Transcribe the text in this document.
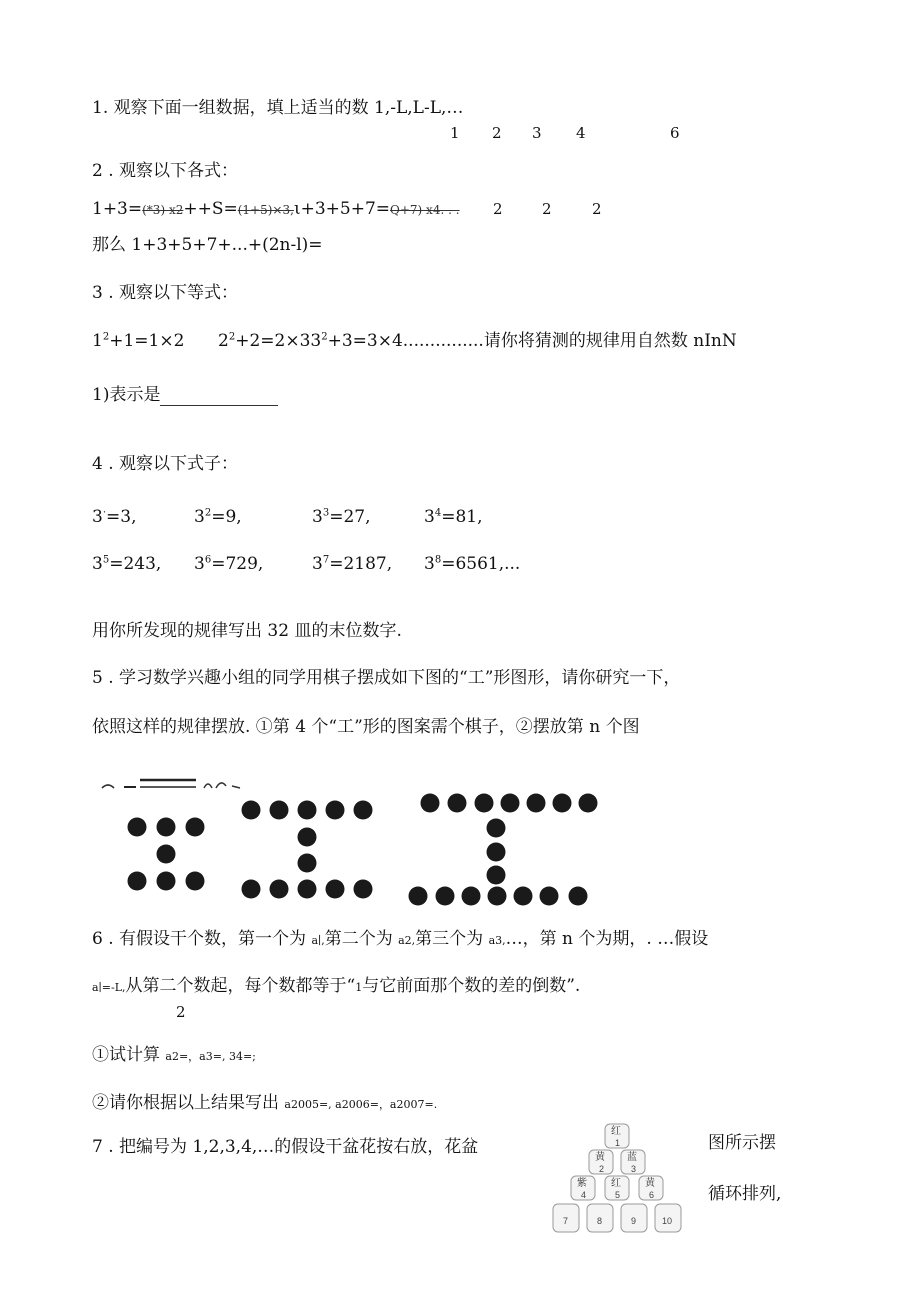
1. 观察下面一组数据，填上适当的数 1,-L,L-L,…
1 2 3 4	6
2 . 观察以下各式：
1+3=(*3) x2++S=(1+5)×3,ι+3+5+7=Q+7) x4. . . 2	2	2
那么 1+3+5+7+...+(2n-l)=
3 . 观察以下等式：
$1^2+1=1\times 2$ $2^2+2=2\times 33^2+3=3\times 4$...............请你将猜测的规律用自然数 nInN
1)表示是
4 . 观察以下式子：
3·=3,	$3^2=9$,	$3^3=27$,	$3^4=81$,
$3^5=243$, $3^6=729$,	$3^7=2187$, $3^8=6561$,...
用你所发现的规律写出 32 皿的末位数字.
5 . 学习数学兴趣小组的同学用棋子摆成如下图的“工”形图形，请你研究一下，
依照这样的规律摆放. ①第 4 个“工”形的图案需个棋子，②摆放第 n 个图
6 . 有假设干个数，第一个为 a∣,第二个为 a2,第三个为 a3,…，第 n 个为期，. …假设
a∣=-L,从第二个数起，每个数都等于“1与它前面那个数的差的倒数”.
2
①试计算 a2=，a3=, 34=;
②请你根据以上结果写出 a2005=, a2006=，a2007=.
7 . 把编号为 1,2,3,4,…的假设干盆花按右放，花盆	图所示摆
循环排列,
红
黄 蓝
紫 红 黄
1
2	3
4	5	6
7	8	9	10
